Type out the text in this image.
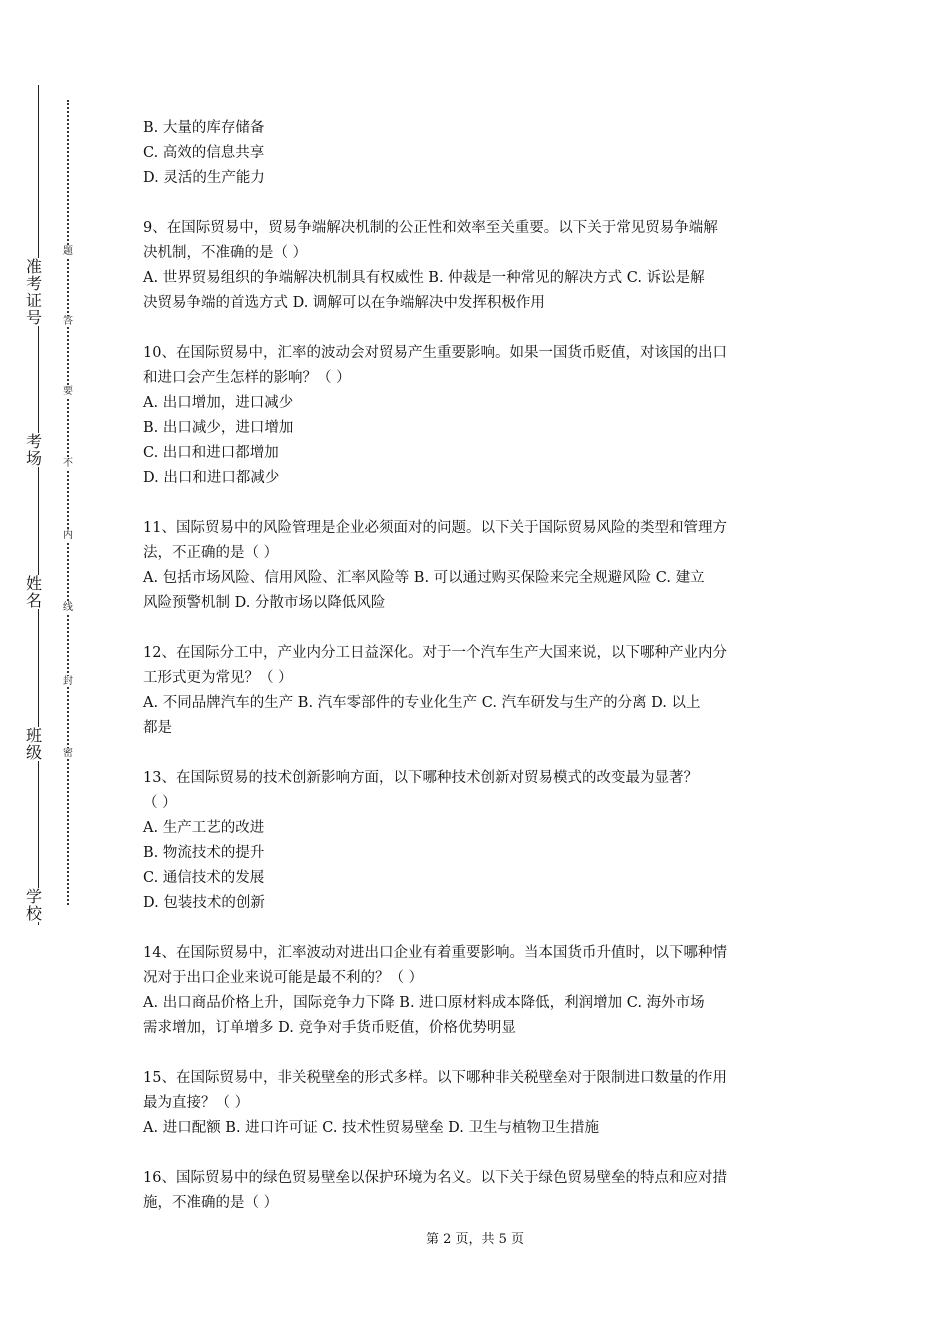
准考证号
考场
姓名
班级
学校
题
答
要
不
内
线
封
密

B. 大量的库存储备

C. 高效的信息共享

D. 灵活的生产能力

9、在国际贸易中，贸易争端解决机制的公正性和效率至关重要。以下关于常见贸易争端解

决机制，不准确的是（ ）

A. 世界贸易组织的争端解决机制具有权威性 B. 仲裁是一种常见的解决方式 C. 诉讼是解

决贸易争端的首选方式 D. 调解可以在争端解决中发挥积极作用

10、在国际贸易中，汇率的波动会对贸易产生重要影响。如果一国货币贬值，对该国的出口

和进口会产生怎样的影响？（ ）

A. 出口增加，进口减少

B. 出口减少，进口增加

C. 出口和进口都增加

D. 出口和进口都减少

11、国际贸易中的风险管理是企业必须面对的问题。以下关于国际贸易风险的类型和管理方

法，不正确的是（ ）

A. 包括市场风险、信用风险、汇率风险等 B. 可以通过购买保险来完全规避风险 C. 建立

风险预警机制 D. 分散市场以降低风险

12、在国际分工中，产业内分工日益深化。对于一个汽车生产大国来说，以下哪种产业内分

工形式更为常见？（ ）

A. 不同品牌汽车的生产 B. 汽车零部件的专业化生产 C. 汽车研发与生产的分离 D. 以上

都是

13、在国际贸易的技术创新影响方面，以下哪种技术创新对贸易模式的改变最为显著？

（ ）

A. 生产工艺的改进

B. 物流技术的提升

C. 通信技术的发展

D. 包装技术的创新

14、在国际贸易中，汇率波动对进出口企业有着重要影响。当本国货币升值时，以下哪种情

况对于出口企业来说可能是最不利的？（ ）

A. 出口商品价格上升，国际竞争力下降 B. 进口原材料成本降低，利润增加 C. 海外市场

需求增加，订单增多 D. 竞争对手货币贬值，价格优势明显

15、在国际贸易中，非关税壁垒的形式多样。以下哪种非关税壁垒对于限制进口数量的作用

最为直接？（ ）

A. 进口配额 B. 进口许可证 C. 技术性贸易壁垒 D. 卫生与植物卫生措施

16、国际贸易中的绿色贸易壁垒以保护环境为名义。以下关于绿色贸易壁垒的特点和应对措

施，不准确的是（ ）

第 2 页，共 5 页
